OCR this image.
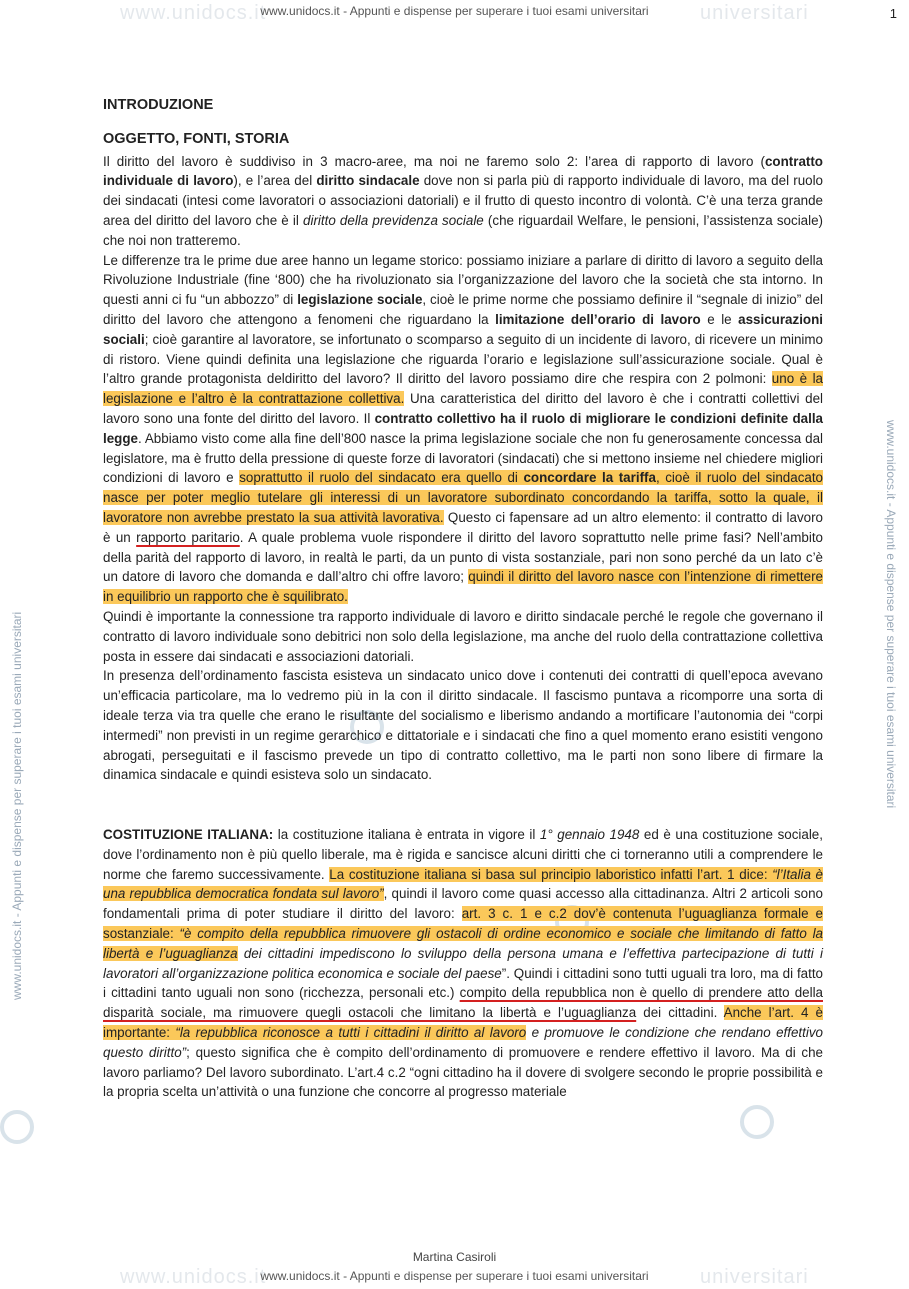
www.unidocs.it	universitari
www.unidocs.it	universitari
www.unidocs.it - Appunti e dispense per superare i tuoi esami universitari	1
www.unidocs.it - Appunti e dispense per superare i tuoi esami universitari	www.unidocs.it - Appunti e dispense per superare i tuoi esami universitari
INTRODUZIONE
OGGETTO, FONTI, STORIA

Il diritto del lavoro è suddiviso in 3 macro-aree, ma noi ne faremo solo 2: l’area di rapporto di lavoro (contratto individuale di lavoro), e l’area del diritto sindacale dove non si parla più di rapporto individuale di lavoro, ma del ruolo dei sindacati (intesi come lavoratori o associazioni datoriali) e il frutto di questo incontro di volontà. C’è una terza grande area del diritto del lavoro che è il diritto della previdenza sociale (che riguardail Welfare, le pensioni, l’assistenza sociale) che noi non tratteremo.

Le differenze tra le prime due aree hanno un legame storico: possiamo iniziare a parlare di diritto di lavoro a seguito della Rivoluzione Industriale (fine ‘800) che ha rivoluzionato sia l’organizzazione del lavoro che la società che sta intorno. In questi anni ci fu “un abbozzo” di legislazione sociale, cioè le prime norme che possiamo definire il “segnale di inizio” del diritto del lavoro che attengono a fenomeni che riguardano la limitazione dell’orario di lavoro e le assicurazioni sociali; cioè garantire al lavoratore, se infortunato o scomparso a seguito di un incidente di lavoro, di ricevere un minimo di ristoro. Viene quindi definita una legislazione che riguarda l’orario e legislazione sull’assicurazione sociale. Qual è l’altro grande protagonista deldiritto del lavoro? Il diritto del lavoro possiamo dire che respira con 2 polmoni: uno è la legislazione e l’altro è la contrattazione collettiva. Una caratteristica del diritto del lavoro è che i contratti collettivi del lavoro sono una fonte del diritto del lavoro. Il contratto collettivo ha il ruolo di migliorare le condizioni definite dalla legge. Abbiamo visto come alla fine dell’800 nasce la prima legislazione sociale che non fu generosamente concessa dal legislatore, ma è frutto della pressione di queste forze di lavoratori (sindacati) che si mettono insieme nel chiedere migliori condizioni di lavoro e soprattutto il ruolo del sindacato era quello di concordare la tariffa, cioè il ruolo del sindacato nasce per poter meglio tutelare gli interessi di un lavoratore subordinato concordando la tariffa, sotto la quale, il lavoratore non avrebbe prestato la sua attività lavorativa. Questo ci fapensare ad un altro elemento: il contratto di lavoro è un rapporto paritario. A quale problema vuole rispondere il diritto del lavoro soprattutto nelle prime fasi? Nell’ambito della parità del rapporto di lavoro, in realtà le parti, da un punto di vista sostanziale, pari non sono perché da un lato c’è un datore di lavoro che domanda e dall’altro chi offre lavoro; quindi il diritto del lavoro nasce con l’intenzione di rimettere in equilibrio un rapporto che è squilibrato.

Quindi è importante la connessione tra rapporto individuale di lavoro e diritto sindacale perché le regole che governano il contratto di lavoro individuale sono debitrici non solo della legislazione, ma anche del ruolo della contrattazione collettiva posta in essere dai sindacati e associazioni datoriali.

In presenza dell’ordinamento fascista esisteva un sindacato unico dove i contenuti dei contratti di quell’epoca avevano un’efficacia particolare, ma lo vedremo più in la con il diritto sindacale. Il fascismo puntava a ricomporre una sorta di ideale terza via tra quelle che erano le risultante del socialismo e liberismo andando a mortificare l’autonomia dei “corpi intermedi” non previsti in un regime gerarchico e dittatoriale e i sindacati che fino a quel momento erano esistiti vengono abrogati, perseguitati e il fascismo prevede un tipo di contratto collettivo, ma le parti non sono libere di firmare la dinamica sindacale e quindi esisteva solo un sindacato.

COSTITUZIONE ITALIANA: la costituzione italiana è entrata in vigore il 1° gennaio 1948 ed è una costituzione sociale, dove l’ordinamento non è più quello liberale, ma è rigida e sancisce alcuni diritti che ci torneranno utili a comprendere le norme che faremo successivamente. La costituzione italiana si basa sul principio laboristico infatti l’art. 1 dice: “l’Italia è una repubblica democratica fondata sul lavoro”, quindi il lavoro come quasi accesso alla cittadinanza. Altri 2 articoli sono fondamentali prima di poter studiare il diritto del lavoro: art. 3 c. 1 e c.2 dov’è contenuta l’uguaglianza formale e sostanziale: “è compito della repubblica rimuovere gli ostacoli di ordine economico e sociale che limitando di fatto la libertà e l’uguaglianza dei cittadini impediscono lo sviluppo della persona umana e l’effettiva partecipazione di tutti i lavoratori all’organizzazione politica economica e sociale del paese”. Quindi i cittadini sono tutti uguali tra loro, ma di fatto i cittadini tanto uguali non sono (ricchezza, personali etc.) compito della repubblica non è quello di prendere atto della disparità sociale, ma rimuovere quegli ostacoli che limitano la libertà e l’uguaglianza dei cittadini. Anche l’art. 4 è importante: “la repubblica riconosce a tutti i cittadini il diritto al lavoro e promuove le condizione che rendano effettivo questo diritto”; questo significa che è compito dell’ordinamento di promuovere e rendere effettivo il lavoro. Ma di che lavoro parliamo? Del lavoro subordinato. L’art.4 c.2 “ogni cittadino ha il dovere di svolgere secondo le proprie possibilità e la propria scelta un’attività o una funzione che concorre al progresso materiale

Martina Casiroli
www.unidocs.it - Appunti e dispense per superare i tuoi esami universitari
